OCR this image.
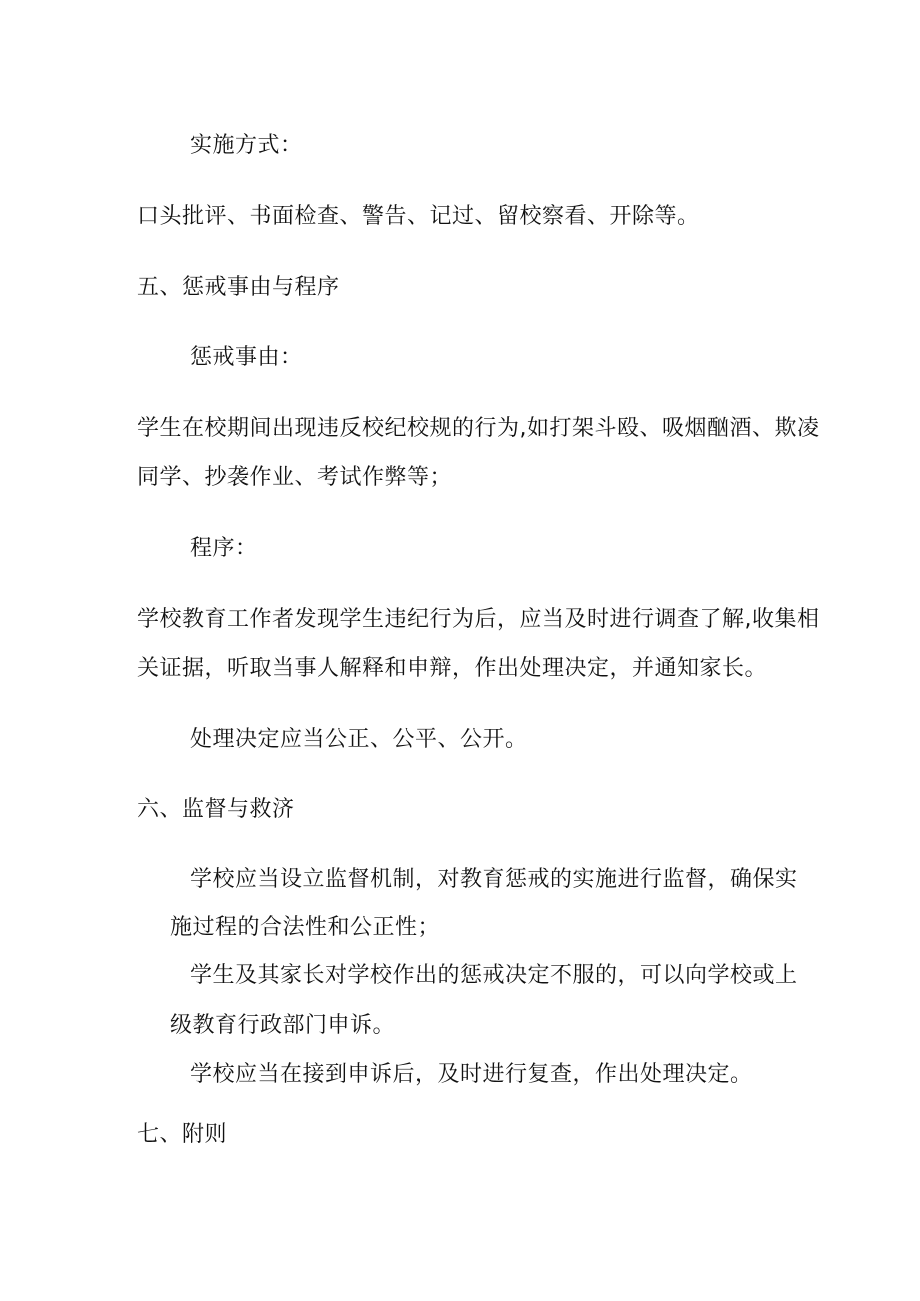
实施方式：
口头批评、书面检查、警告、记过、留校察看、开除等。
五、惩戒事由与程序
惩戒事由：
学生在校期间出现违反校纪校规的行为,如打架斗殴、吸烟酗酒、欺凌
同学、抄袭作业、考试作弊等；
程序：
学校教育工作者发现学生违纪行为后，应当及时进行调查了解,收集相
关证据，听取当事人解释和申辩，作出处理决定，并通知家长。
处理决定应当公正、公平、公开。
六、监督与救济
学校应当设立监督机制，对教育惩戒的实施进行监督，确保实
施过程的合法性和公正性；
学生及其家长对学校作出的惩戒决定不服的，可以向学校或上
级教育行政部门申诉。
学校应当在接到申诉后，及时进行复查，作出处理决定。
七、附则
